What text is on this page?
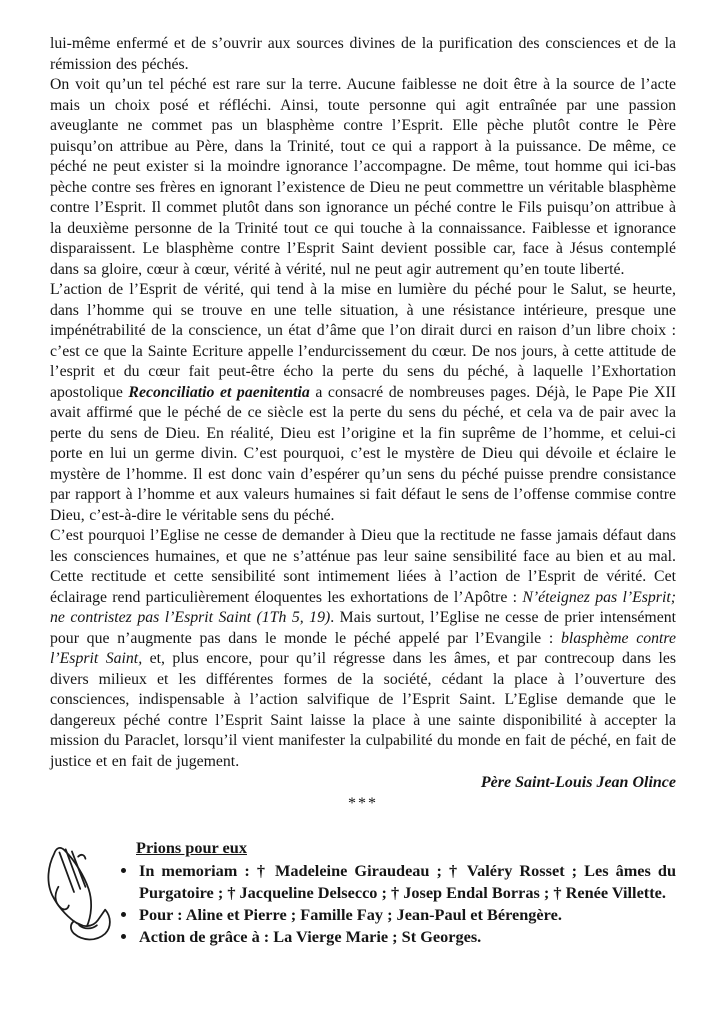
lui-même enfermé et de s’ouvrir aux sources divines de la purification des consciences et de la rémission des péchés.

On voit qu’un tel péché est rare sur la terre. Aucune faiblesse ne doit être à la source de l’acte mais un choix posé et réfléchi. Ainsi, toute personne qui agit entraînée par une passion aveuglante ne commet pas un blasphème contre l’Esprit. Elle pèche plutôt contre le Père puisqu’on attribue au Père, dans la Trinité, tout ce qui a rapport à la puissance. De même, ce péché ne peut exister si la moindre ignorance l’accompagne. De même, tout homme qui ici-bas pèche contre ses frères en ignorant l’existence de Dieu ne peut commettre un véritable blasphème contre l’Esprit. Il commet plutôt dans son ignorance un péché contre le Fils puisqu’on attribue à la deuxième personne de la Trinité tout ce qui touche à la connaissance. Faiblesse et ignorance disparaissent. Le blasphème contre l’Esprit Saint devient possible car, face à Jésus contemplé dans sa gloire, cœur à cœur, vérité à vérité, nul ne peut agir autrement qu’en toute liberté.

L’action de l’Esprit de vérité, qui tend à la mise en lumière du péché pour le Salut, se heurte, dans l’homme qui se trouve en une telle situation, à une résistance intérieure, presque une impénétrabilité de la conscience, un état d’âme que l’on dirait durci en raison d’un libre choix : c’est ce que la Sainte Ecriture appelle l’endurcissement du cœur. De nos jours, à cette attitude de l’esprit et du cœur fait peut-être écho la perte du sens du péché, à laquelle l’Exhortation apostolique Reconciliatio et paenitentia a consacré de nombreuses pages. Déjà, le Pape Pie XII avait affirmé que le péché de ce siècle est la perte du sens du péché, et cela va de pair avec la perte du sens de Dieu. En réalité, Dieu est l’origine et la fin suprême de l’homme, et celui-ci porte en lui un germe divin. C’est pourquoi, c’est le mystère de Dieu qui dévoile et éclaire le mystère de l’homme. Il est donc vain d’espérer qu’un sens du péché puisse prendre consistance par rapport à l’homme et aux valeurs humaines si fait défaut le sens de l’offense commise contre Dieu, c’est-à-dire le véritable sens du péché.

C’est pourquoi l’Eglise ne cesse de demander à Dieu que la rectitude ne fasse jamais défaut dans les consciences humaines, et que ne s’atténue pas leur saine sensibilité face au bien et au mal. Cette rectitude et cette sensibilité sont intimement liées à l’action de l’Esprit de vérité. Cet éclairage rend particulièrement éloquentes les exhortations de l’Apôtre : N’éteignez pas l’Esprit; ne contristez pas l’Esprit Saint (1Th 5, 19). Mais surtout, l’Eglise ne cesse de prier intensément pour que n’augmente pas dans le monde le péché appelé par l’Evangile : blasphème contre l’Esprit Saint, et, plus encore, pour qu’il régresse dans les âmes, et par contrecoup dans les divers milieux et les différentes formes de la société, cédant la place à l’ouverture des consciences, indispensable à l’action salvifique de l’Esprit Saint. L’Eglise demande que le dangereux péché contre l’Esprit Saint laisse la place à une sainte disponibilité à accepter la mission du Paraclet, lorsqu’il vient manifester la culpabilité du monde en fait de péché, en fait de justice et en fait de jugement.

Père Saint-Louis Jean Olince

***

Prions pour eux
• In memoriam : † Madeleine Giraudeau ; † Valéry Rosset ; Les âmes du Purgatoire ; † Jacqueline Delsecco ; † Josep Endal Borras ; † Renée Villette.
• Pour : Aline et Pierre ; Famille Fay ; Jean-Paul et Bérengère.
• Action de grâce à : La Vierge Marie ; St Georges.
